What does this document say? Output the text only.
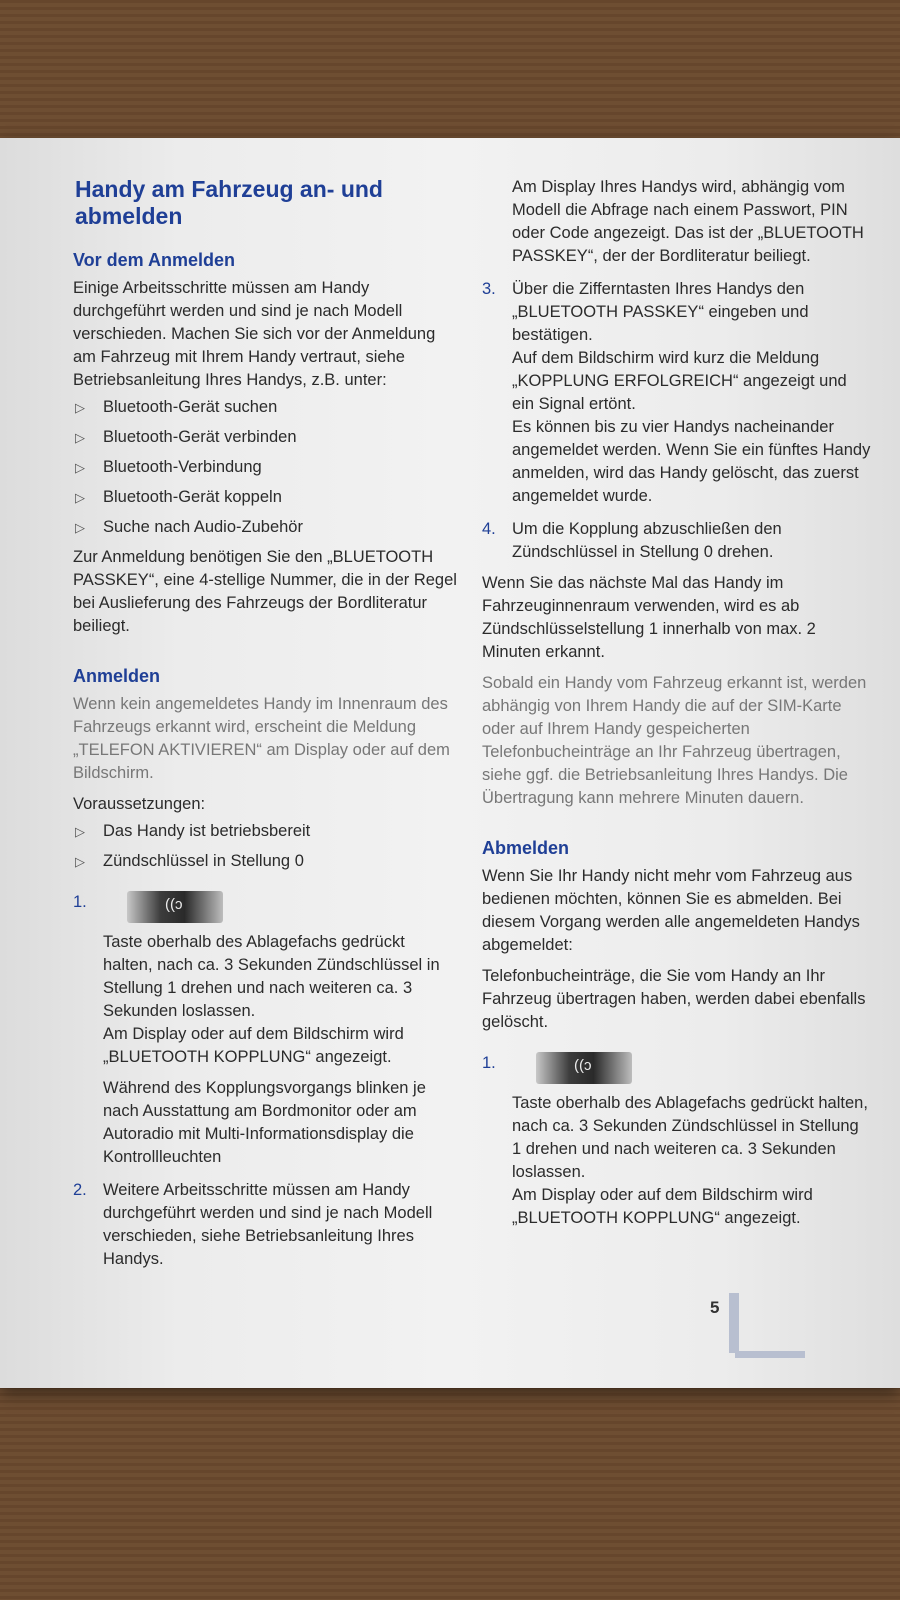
Handy am Fahrzeug an- und abmelden
Vor dem Anmelden

Einige Arbeitsschritte müssen am Handy durchgeführt werden und sind je nach Modell verschieden. Machen Sie sich vor der Anmeldung am Fahrzeug mit Ihrem Handy vertraut, siehe Betriebsanleitung Ihres Handys, z.B. unter:

▷	Bluetooth-Gerät suchen
▷	Bluetooth-Gerät verbinden
▷	Bluetooth-Verbindung
▷	Bluetooth-Gerät koppeln
▷	Suche nach Audio-Zubehör

Zur Anmeldung benötigen Sie den „BLUETOOTH PASSKEY“, eine 4-stellige Nummer, die in der Regel bei Auslieferung des Fahrzeugs der Bordliteratur beiliegt.

Anmelden

Wenn kein angemeldetes Handy im Innenraum des Fahrzeugs erkannt wird, erscheint die Meldung „TELEFON AKTIVIEREN“ am Display oder auf dem Bildschirm.

Voraussetzungen:

▷	Das Handy ist betriebsbereit
▷	Zündschlüssel in Stellung 0
1.	((ↄ

Taste oberhalb des Ablagefachs gedrückt halten, nach ca. 3 Sekunden Zündschlüssel in Stellung 1 drehen und nach weiteren ca. 3 Sekunden loslassen.

Am Display oder auf dem Bildschirm wird „BLUETOOTH KOPPLUNG“ angezeigt.

Während des Kopplungsvorgangs blinken je nach Ausstattung am Bordmonitor oder am Autoradio mit Multi-Informationsdisplay die Kontrollleuchten

2. Weitere Arbeitsschritte müssen am Handy durchgeführt werden und sind je nach Modell verschieden, siehe Betriebsanleitung Ihres Handys.

Am Display Ihres Handys wird, abhängig vom Modell die Abfrage nach einem Passwort, PIN oder Code angezeigt. Das ist der „BLUETOOTH PASSKEY“, der der Bordliteratur beiliegt.

3. Über die Zifferntasten Ihres Handys den „BLUETOOTH PASSKEY“ eingeben und bestätigen.

Auf dem Bildschirm wird kurz die Meldung „KOPPLUNG ERFOLGREICH“ angezeigt und ein Signal ertönt.

Es können bis zu vier Handys nacheinander angemeldet werden. Wenn Sie ein fünftes Handy anmelden, wird das Handy gelöscht, das zuerst angemeldet wurde.

4. Um die Kopplung abzuschließen den Zündschlüssel in Stellung 0 drehen.

Wenn Sie das nächste Mal das Handy im Fahrzeuginnenraum verwenden, wird es ab Zündschlüsselstellung 1 innerhalb von max. 2 Minuten erkannt.

Sobald ein Handy vom Fahrzeug erkannt ist, werden abhängig von Ihrem Handy die auf der SIM-Karte oder auf Ihrem Handy gespeicherten Telefonbucheinträge an Ihr Fahrzeug übertragen, siehe ggf. die Betriebsanleitung Ihres Handys. Die Übertragung kann mehrere Minuten dauern.

Abmelden

Wenn Sie Ihr Handy nicht mehr vom Fahrzeug aus bedienen möchten, können Sie es abmelden. Bei diesem Vorgang werden alle angemeldeten Handys abgemeldet:

Telefonbucheinträge, die Sie vom Handy an Ihr Fahrzeug übertragen haben, werden dabei ebenfalls gelöscht.

1.	((ↄ

Taste oberhalb des Ablagefachs gedrückt halten, nach ca. 3 Sekunden Zündschlüssel in Stellung 1 drehen und nach weiteren ca. 3 Sekunden loslassen.

Am Display oder auf dem Bildschirm wird „BLUETOOTH KOPPLUNG“ angezeigt.

5
